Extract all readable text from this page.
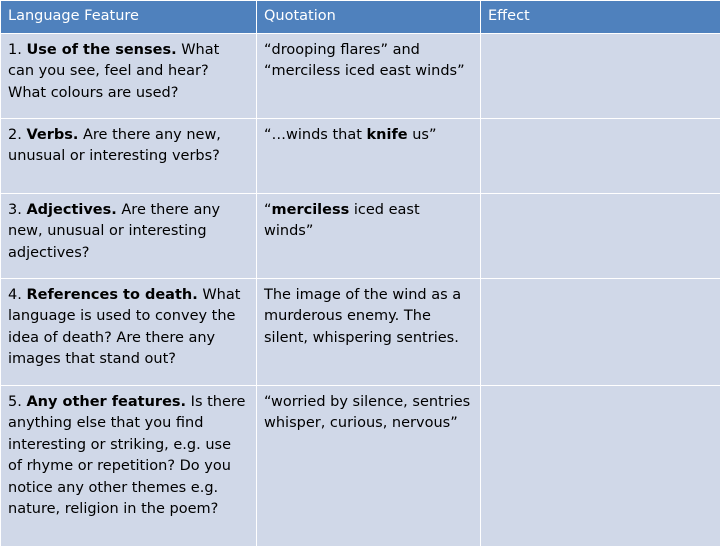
Language Feature	Quotation	Effect
1. Use of the senses. What can you see, feel and hear? What colours are used?	“drooping flares” and “merciless iced east winds”	
2. Verbs. Are there any new, unusual or interesting verbs?	“…winds that knife us”	
3. Adjectives. Are there any new, unusual or interesting adjectives?	“merciless iced east winds”	
4. References to death. What language is used to convey the idea of death? Are there any images that stand out?	The image of the wind as a murderous enemy. The silent, whispering sentries.	
5. Any other features. Is there anything else that you find interesting or striking, e.g. use of rhyme or repetition? Do you notice any other themes e.g. nature, religion in the poem?	“worried by silence, sentries whisper, curious, nervous”	
